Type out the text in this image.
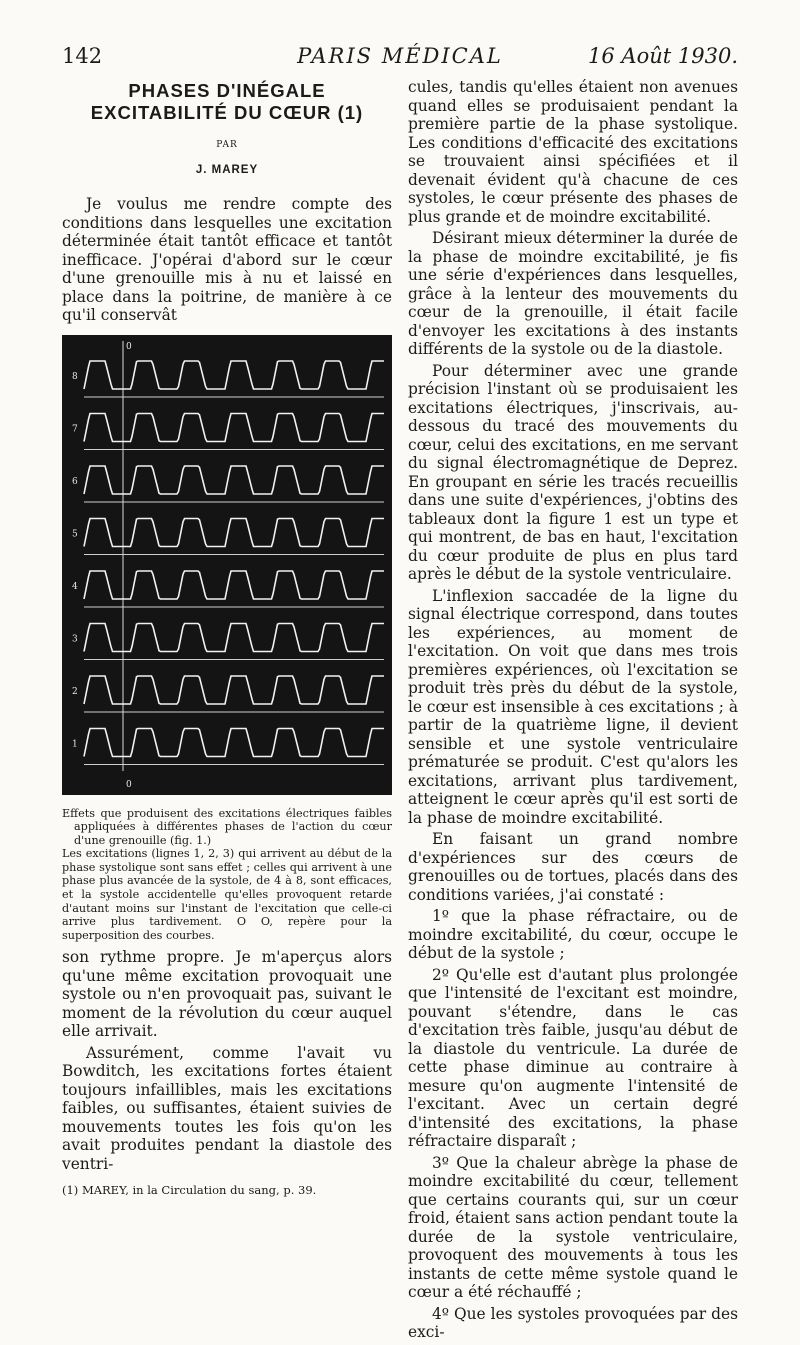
142	PARIS MÉDICAL	16 Août 1930.
PHASES D'INÉGALE EXCITABILITÉ DU CŒUR (1)
PAR
J. MAREY

Je voulus me rendre compte des conditions dans lesquelles une excitation déterminée était tantôt efficace et tantôt inefficace. J'opérai d'abord sur le cœur d'une grenouille mis à nu et laissé en place dans la poitrine, de manière à ce qu'il conservât

0
0
8
7
6
5
4
3
2
1

Effets que produisent des excitations électriques faibles appliquées à différentes phases de l'action du cœur d'une grenouille (fig. 1.)

Les excitations (lignes 1, 2, 3) qui arrivent au début de la phase systolique sont sans effet ; celles qui arrivent à une phase plus avancée de la systole, de 4 à 8, sont efficaces, et la systole accidentelle qu'elles provoquent retarde d'autant moins sur l'instant de l'excitation que celle-ci arrive plus tardivement. O O, repère pour la superposition des courbes.

son rythme propre. Je m'aperçus alors qu'une même excitation provoquait une systole ou n'en provoquait pas, suivant le moment de la révolution du cœur auquel elle arrivait.

Assurément, comme l'avait vu Bowditch, les excitations fortes étaient toujours infaillibles, mais les excitations faibles, ou suffisantes, étaient suivies de mouvements toutes les fois qu'on les avait produites pendant la diastole des ventri-

(1) MAREY, in la Circulation du sang, p. 39.

cules, tandis qu'elles étaient non avenues quand elles se produisaient pendant la première partie de la phase systolique. Les conditions d'efficacité des excitations se trouvaient ainsi spécifiées et il devenait évident qu'à chacune de ces systoles, le cœur présente des phases de plus grande et de moindre excitabilité.

Désirant mieux déterminer la durée de la phase de moindre excitabilité, je fis une série d'expériences dans lesquelles, grâce à la lenteur des mouvements du cœur de la grenouille, il était facile d'envoyer les excitations à des instants différents de la systole ou de la diastole.

Pour déterminer avec une grande précision l'instant où se produisaient les excitations électriques, j'inscrivais, au-dessous du tracé des mouvements du cœur, celui des excitations, en me servant du signal électromagnétique de Deprez. En groupant en série les tracés recueillis dans une suite d'expériences, j'obtins des tableaux dont la figure 1 est un type et qui montrent, de bas en haut, l'excitation du cœur produite de plus en plus tard après le début de la systole ventriculaire.

L'inflexion saccadée de la ligne du signal électrique correspond, dans toutes les expériences, au moment de l'excitation. On voit que dans mes trois premières expériences, où l'excitation se produit très près du début de la systole, le cœur est insensible à ces excitations ; à partir de la quatrième ligne, il devient sensible et une systole ventriculaire prématurée se produit. C'est qu'alors les excitations, arrivant plus tardivement, atteignent le cœur après qu'il est sorti de la phase de moindre excitabilité.

En faisant un grand nombre d'expériences sur des cœurs de grenouilles ou de tortues, placés dans des conditions variées, j'ai constaté :

1º que la phase réfractaire, ou de moindre excitabilité, du cœur, occupe le début de la systole ;

2º Qu'elle est d'autant plus prolongée que l'intensité de l'excitant est moindre, pouvant s'étendre, dans le cas d'excitation très faible, jusqu'au début de la diastole du ventricule. La durée de cette phase diminue au contraire à mesure qu'on augmente l'intensité de l'excitant. Avec un certain degré d'intensité des excitations, la phase réfractaire disparaît ;

3º Que la chaleur abrège la phase de moindre excitabilité du cœur, tellement que certains courants qui, sur un cœur froid, étaient sans action pendant toute la durée de la systole ventriculaire, provoquent des mouvements à tous les instants de cette même systole quand le cœur a été réchauffé ;

4º Que les systoles provoquées par des exci-
